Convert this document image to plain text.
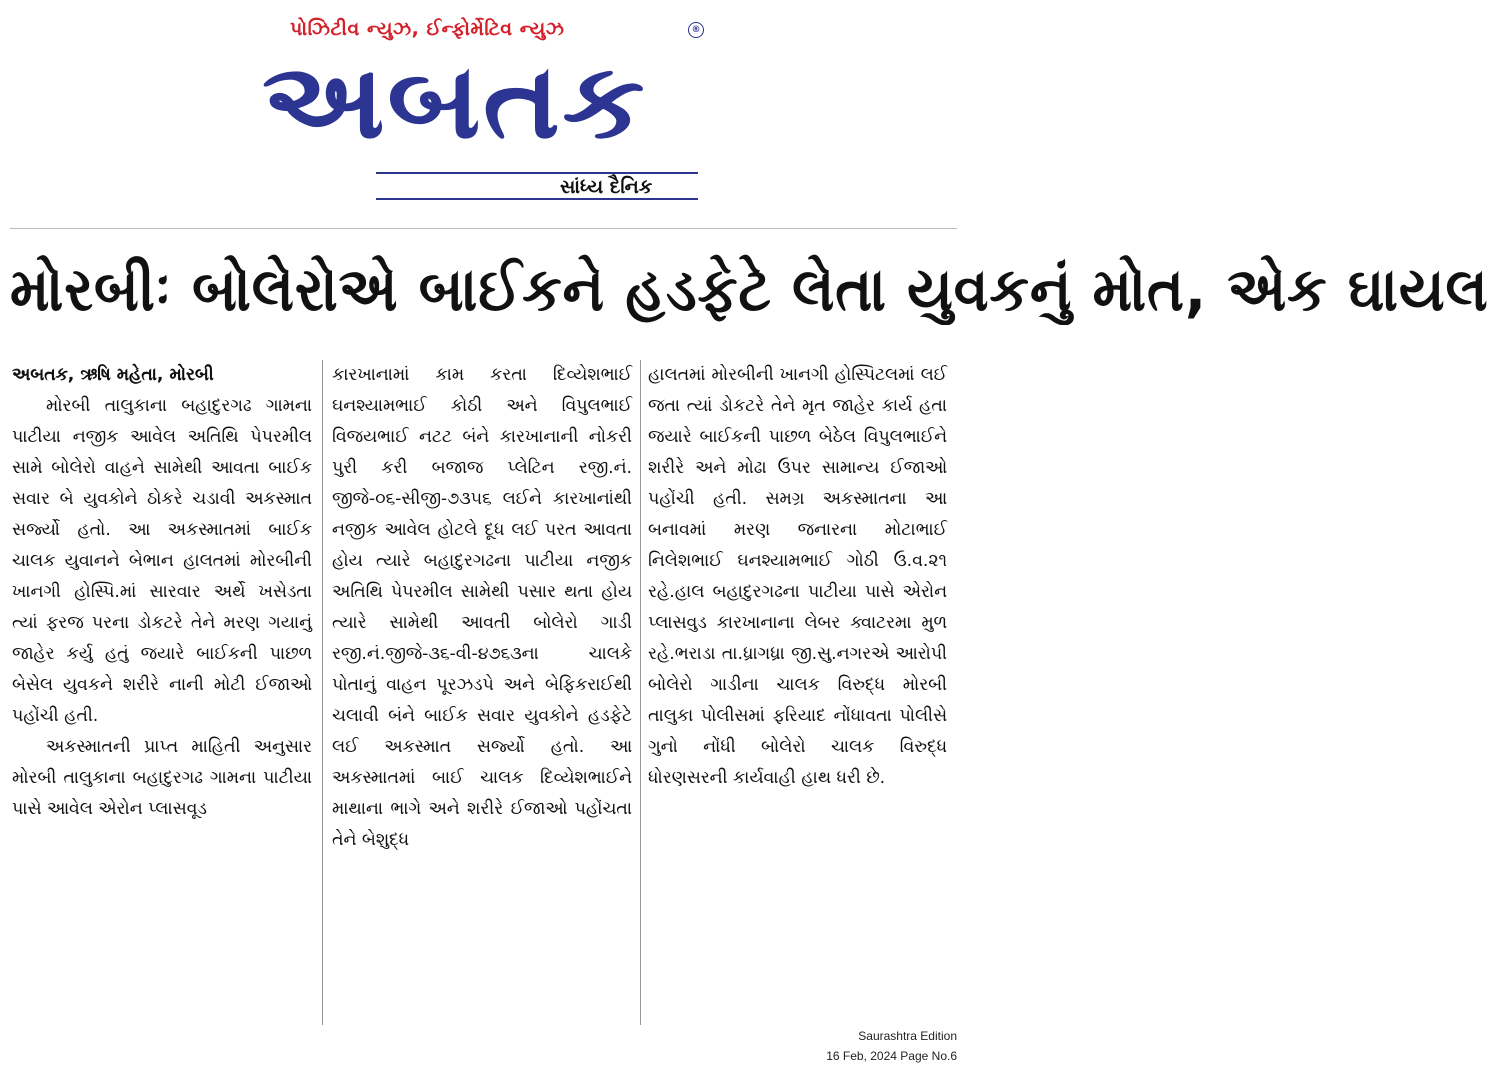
પોઝિટીવ ન્યુઝ, ઈન્ફોર્મેટિવ ન્યુઝ
અબતક
®
સાંધ્ય દૈનિક
મોરબીઃ બોલેરોએ બાઈકને હડફેટે લેતા યુવકનું મોત, એક ઘાયલ

અબતક, ઋષિ મહેતા, મોરબી

મોરબી તાલુકાના બહાદુરગઢ ગામના પાટીયા નજીક આવેલ અતિથિ પેપરમીલ સામે બોલેરો વાહને સામેથી આવતા બાઈક સવાર બે યુવકોને ઠોકરે ચડાવી અકસ્માત સર્જ્યો હતો. આ અકસ્માતમાં બાઈક ચાલક યુવાનને બેભાન હાલતમાં મોરબીની ખાનગી હોસ્પિ.માં સારવાર અર્થે ખસેડતા ત્યાં ફરજ પરના ડોકટરે તેને મરણ ગયાનું જાહેર કર્યુ હતું જયારે બાઈકની પાછળ બેસેલ યુવકને શરીરે નાની મોટી ઈજાઓ પહોંચી હતી.

અકસ્માતની પ્રાપ્ત માહિતી અનુસાર મોરબી તાલુકાના બહાદુરગઢ ગામના પાટીયા પાસે આવેલ એરોન પ્લાસવૂડ

કારખાનામાં કામ કરતા દિવ્યેશભાઈ ઘનશ્યામભાઈ કોઠી અને વિપુલભાઈ વિજયભાઈ નટટ બંને કારખાનાની નોકરી પુરી કરી બજાજ પ્લેટિન રજી.નં. જીજે-૦૬-સીજી-૭૩૫૬ લઈને કારખાનાંથી નજીક આવેલ હોટલે દૂધ લઈ પરત આવતા હોય ત્યારે બહાદુરગઢના પાટીયા નજીક અતિથિ પેપરમીલ સામેથી પસાર થતા હોય ત્યારે સામેથી આવતી બોલેરો ગાડી રજી.નં.જીજે-૩૬-વી-૪૭૬૩ના ચાલકે પોતાનું વાહન પૂરઝડપે અને બેફિકરાઈથી ચલાવી બંને બાઈક સવાર યુવકોને હડફેટે લઈ અકસ્માત સર્જ્યો હતો. આ અકસ્માતમાં બાઈ ચાલક દિવ્યેશભાઈને માથાના ભાગે અને શરીરે ઈજાઓ પહોંચતા તેને બેશુદ્ધ

હાલતમાં મોરબીની ખાનગી હોસ્પિટલમાં લઈ જતા ત્યાં ડોકટરે તેને મૃત જાહેર કાર્ય હતા જયારે બાઈકની પાછળ બેઠેલ વિપુલભાઈને શરીરે અને મોઢા ઉપર સામાન્ય ઈજાઓ પહોંચી હતી. સમગ્ર અકસ્માતના આ બનાવમાં મરણ જનારના મોટાભાઈ નિલેશભાઈ ઘનશ્યામભાઈ ગોઠી ઉ.વ.૨૧ રહે.હાલ બહાદુરગઢના પાટીયા પાસે એરોન પ્લાસવુડ કારખાનાના લેબર ક્વાટરમા મુળ રહે.ભરાડા તા.ધ્રાગધ્રા જી.સુ.નગરએ આરોપી બોલેરો ગાડીના ચાલક વિરુદ્ધ મોરબી તાલુકા પોલીસમાં ફરિયાદ નોંધાવતા પોલીસે ગુનો નોંધી બોલેરો ચાલક વિરુદ્ધ ધોરણસરની કાર્યવાહી હાથ ધરી છે.

Saurashtra Edition
16 Feb, 2024 Page No.6
